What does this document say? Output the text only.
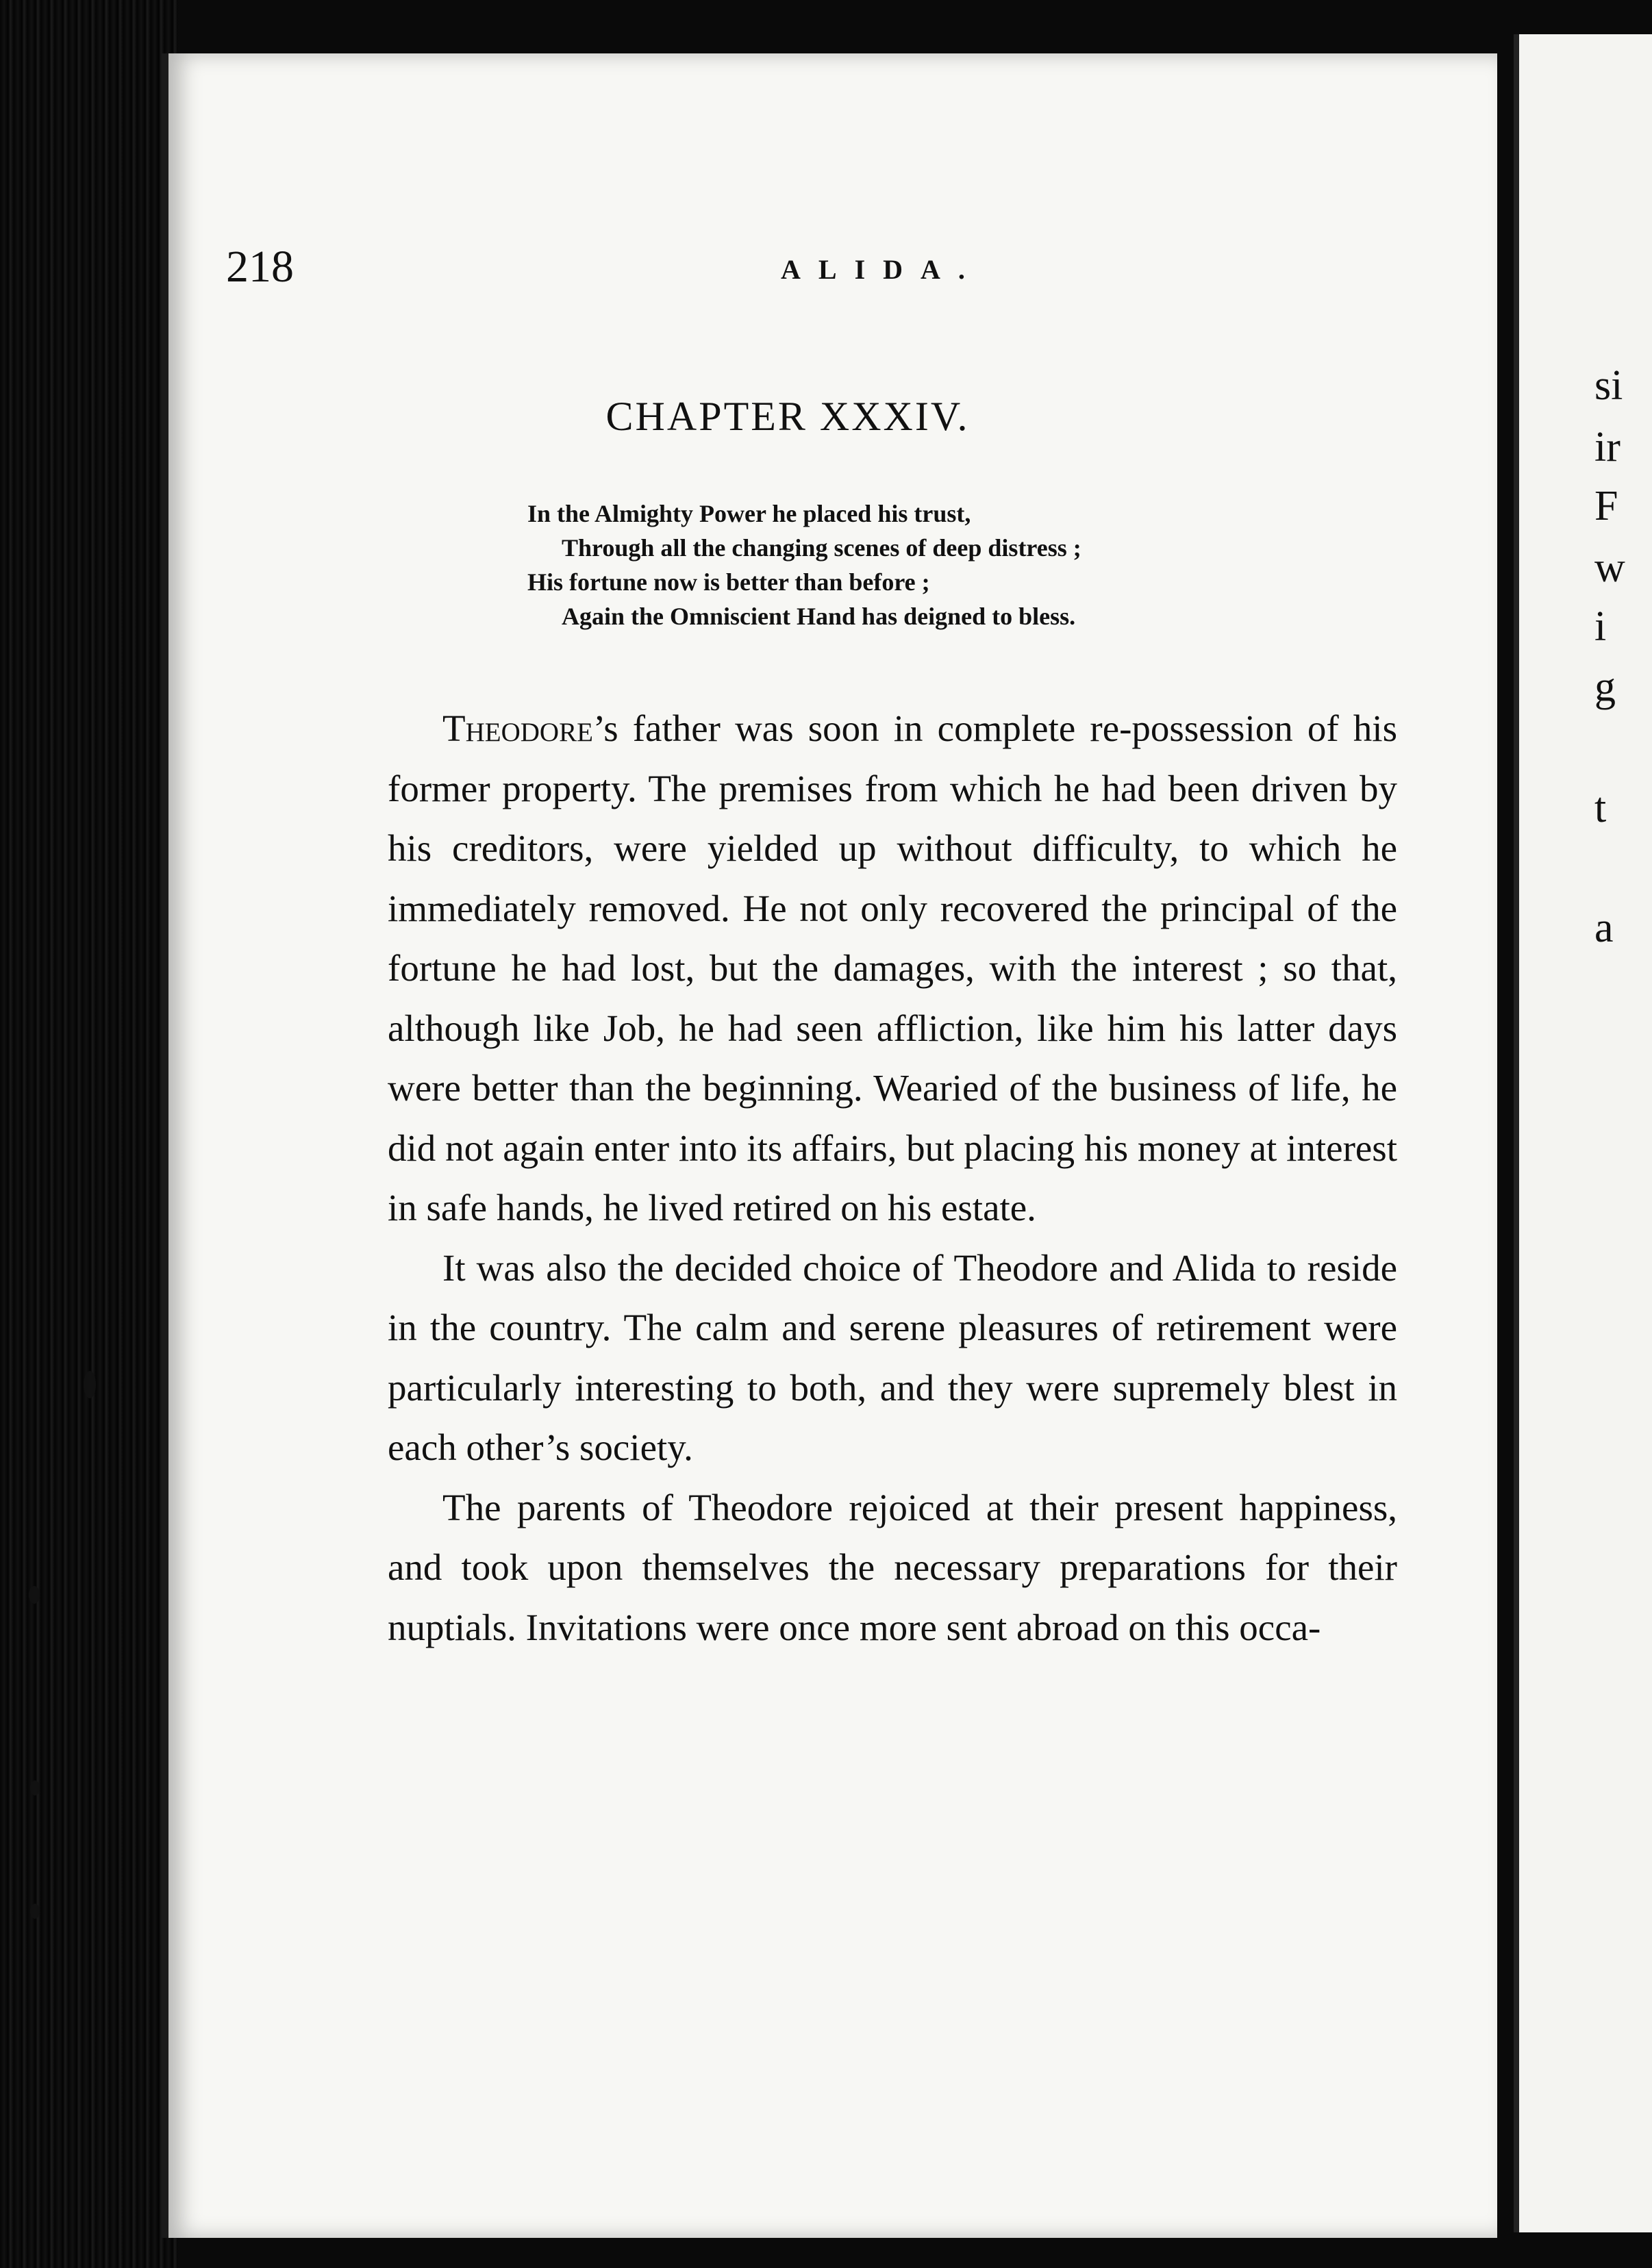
si
ir
F
w
i
g
t
a
218	ALIDA.
CHAPTER XXXIV.
In the Almighty Power he placed his trust,
Through all the changing scenes of deep distress ;
His fortune now is better than before ;
Again the Omniscient Hand has deigned to bless.

Theodore’s father was soon in complete re-possession of his former property. The premises from which he had been driven by his creditors, were yielded up without difficulty, to which he immediately removed. He not only recovered the principal of the fortune he had lost, but the damages, with the interest ; so that, although like Job, he had seen affliction, like him his latter days were better than the beginning. Wearied of the business of life, he did not again enter into its affairs, but placing his money at interest in safe hands, he lived retired on his estate.

It was also the decided choice of Theodore and Alida to reside in the country. The calm and serene pleasures of retirement were particularly interesting to both, and they were supremely blest in each other’s society.

The parents of Theodore rejoiced at their present happiness, and took upon themselves the necessary preparations for their nuptials. Invitations were once more sent abroad on this occa-
